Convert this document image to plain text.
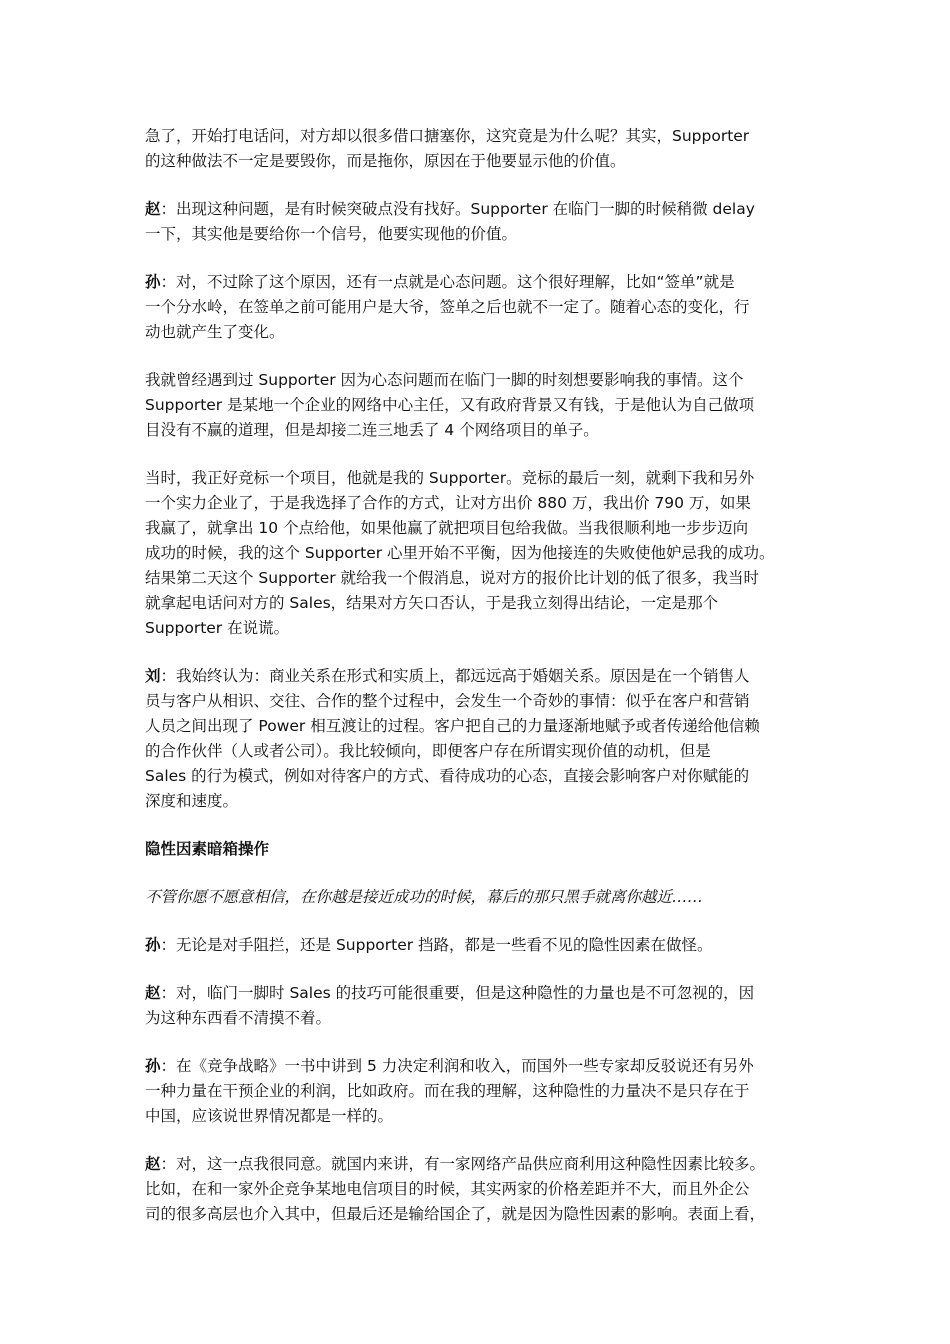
急了，开始打电话问，对方却以很多借口搪塞你，这究竟是为什么呢？其实，Supporter
的这种做法不一定是要毁你，而是拖你，原因在于他要显示他的价值。
赵：出现这种问题，是有时候突破点没有找好。Supporter 在临门一脚的时候稍微 delay
一下，其实他是要给你一个信号，他要实现他的价值。
孙：对，不过除了这个原因，还有一点就是心态问题。这个很好理解，比如“签单”就是
一个分水岭，在签单之前可能用户是大爷，签单之后也就不一定了。随着心态的变化，行
动也就产生了变化。
我就曾经遇到过 Supporter 因为心态问题而在临门一脚的时刻想要影响我的事情。这个
Supporter 是某地一个企业的网络中心主任，又有政府背景又有钱，于是他认为自己做项
目没有不赢的道理，但是却接二连三地丢了 4 个网络项目的单子。
当时，我正好竞标一个项目，他就是我的 Supporter。竞标的最后一刻，就剩下我和另外
一个实力企业了，于是我选择了合作的方式，让对方出价 880 万，我出价 790 万，如果
我赢了，就拿出 10 个点给他，如果他赢了就把项目包给我做。当我很顺利地一步步迈向
成功的时候，我的这个 Supporter 心里开始不平衡，因为他接连的失败使他妒忌我的成功。
结果第二天这个 Supporter 就给我一个假消息，说对方的报价比计划的低了很多，我当时
就拿起电话问对方的 Sales，结果对方矢口否认，于是我立刻得出结论，一定是那个
Supporter 在说谎。
刘：我始终认为：商业关系在形式和实质上，都远远高于婚姻关系。原因是在一个销售人
员与客户从相识、交往、合作的整个过程中，会发生一个奇妙的事情：似乎在客户和营销
人员之间出现了 Power 相互渡让的过程。客户把自己的力量逐渐地赋予或者传递给他信赖
的合作伙伴（人或者公司）。我比较倾向，即便客户存在所谓实现价值的动机，但是
Sales 的行为模式，例如对待客户的方式、看待成功的心态，直接会影响客户对你赋能的
深度和速度。
隐性因素暗箱操作
不管你愿不愿意相信，在你越是接近成功的时候，幕后的那只黑手就离你越近……
孙：无论是对手阻拦，还是 Supporter 挡路，都是一些看不见的隐性因素在做怪。
赵：对，临门一脚时 Sales 的技巧可能很重要，但是这种隐性的力量也是不可忽视的，因
为这种东西看不清摸不着。
孙：在《竞争战略》一书中讲到 5 力决定利润和收入，而国外一些专家却反驳说还有另外
一种力量在干预企业的利润，比如政府。而在我的理解，这种隐性的力量决不是只存在于
中国，应该说世界情况都是一样的。
赵：对，这一点我很同意。就国内来讲，有一家网络产品供应商利用这种隐性因素比较多。
比如，在和一家外企竞争某地电信项目的时候，其实两家的价格差距并不大，而且外企公
司的很多高层也介入其中，但最后还是输给国企了，就是因为隐性因素的影响。表面上看，
